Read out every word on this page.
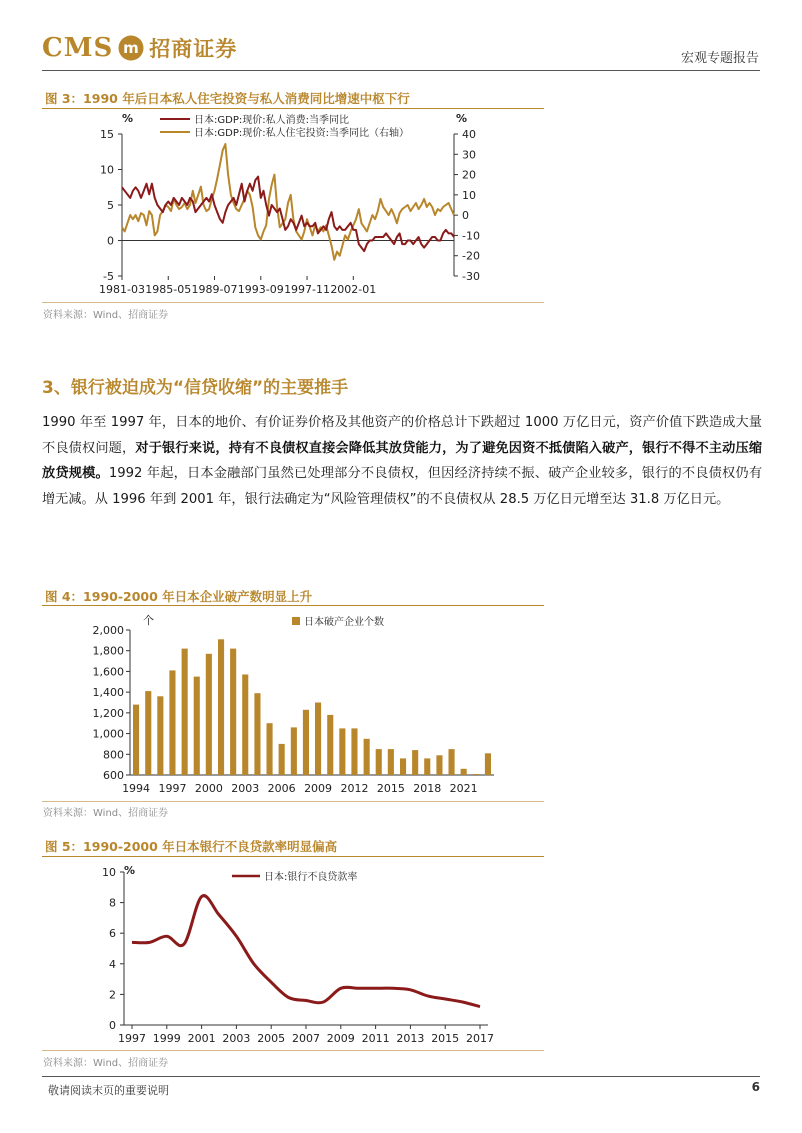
CMS m 招商证券	宏观专题报告
图 3：1990 年后日本私人住宅投资与私人消费同比增速中枢下行
%	%
15
10
5
0
-5
40
30
20
10
0
-10
-20
-30
1981-03 1985-05 1989-07 1993-09 1997-11 2002-01
日本:GDP:现价:私人消费:当季同比
日本:GDP:现价:私人住宅投资:当季同比（右轴）
资料来源：Wind、招商证券
3、银行被迫成为“信贷收缩”的主要推手
1990 年至 1997 年，日本的地价、有价证券价格及其他资产的价格总计下跌超过 1000 万亿日元，资产价值下跌造成大量不良债权问题，对于银行来说，持有不良债权直接会降低其放贷能力，为了避免因资不抵债陷入破产，银行不得不主动压缩放贷规模。1992 年起，日本金融部门虽然已处理部分不良债权，但因经济持续不振、破产企业较多，银行的不良债权仍有增无减。从 1996 年到 2001 年，银行法确定为“风险管理债权”的不良债权从 28.5 万亿日元增至达 31.8 万亿日元。
图 4：1990-2000 年日本企业破产数明显上升
个	日本破产企业个数
2,000
1,800
1,600
1,400
1,200
1,000
800
600
1994 1997 2000 2003 2006 2009 2012 2015 2018 2021
资料来源：Wind、招商证券
图 5：1990-2000 年日本银行不良贷款率明显偏高
%
日本:银行不良贷款率
10
8
6
4
2
0
1997 1999 2001 2003 2005 2007 2009 2011 2013 2015 2017
资料来源：Wind、招商证券
敬请阅读末页的重要说明	6
